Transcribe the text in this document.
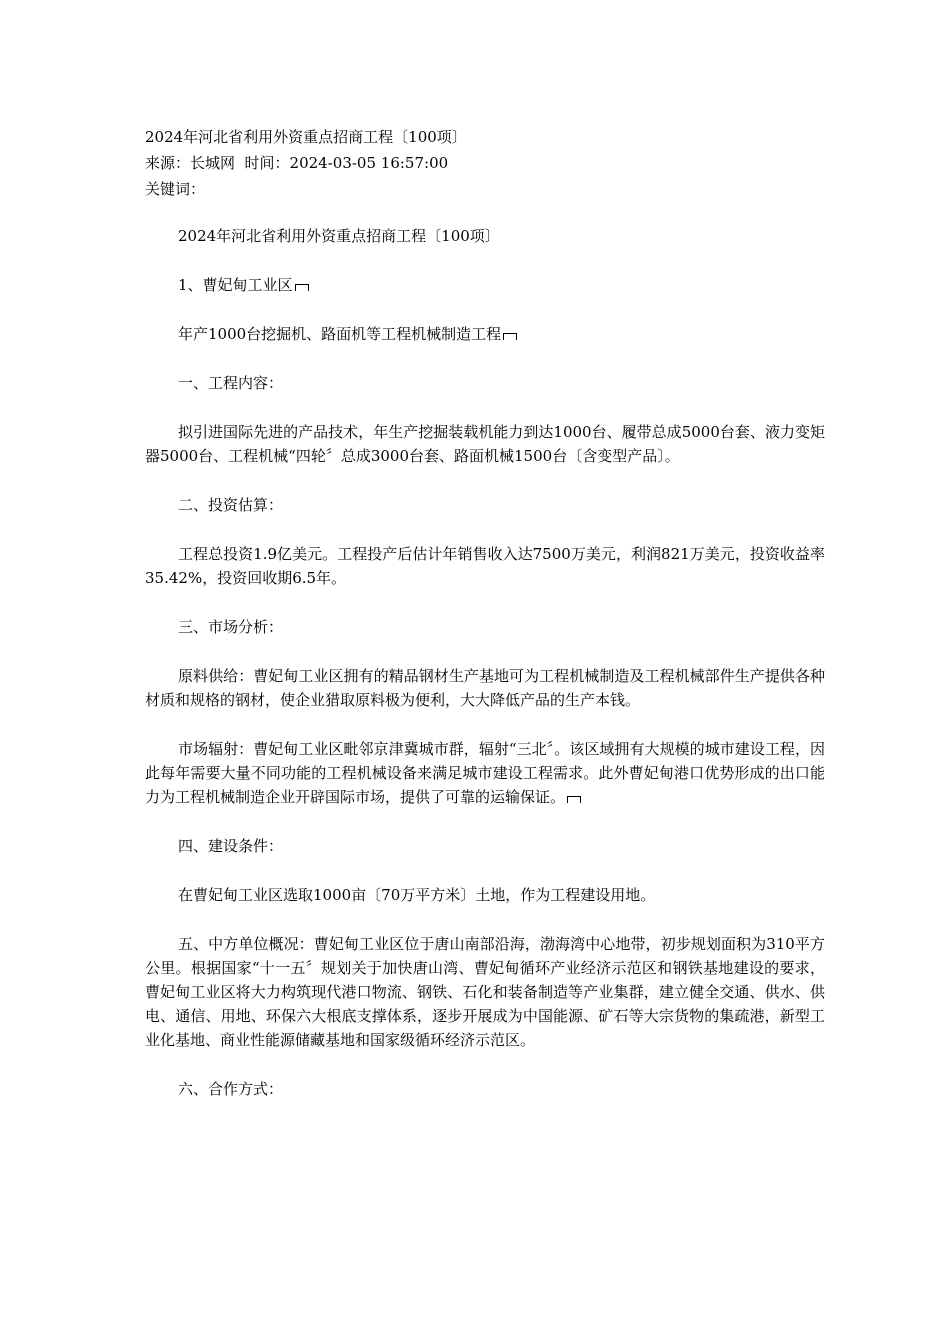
2024年河北省利用外资重点招商工程〔100项〕
来源：长城网  时间：2024-03-05 16:57:00
关键词：

2024年河北省利用外资重点招商工程〔100项〕

1、曹妃甸工业区

年产1000台挖掘机、路面机等工程机械制造工程

一、工程内容：

拟引进国际先进的产品技术，年生产挖掘装载机能力到达1000台、履带总成5000台套、液力变矩器5000台、工程机械“四轮〞总成3000台套、路面机械1500台〔含变型产品〕。

二、投资估算：

工程总投资1.9亿美元。工程投产后估计年销售收入达7500万美元，利润821万美元，投资收益率35.42%，投资回收期6.5年。

三、市场分析：

原料供给：曹妃甸工业区拥有的精品钢材生产基地可为工程机械制造及工程机械部件生产提供各种材质和规格的钢材，使企业猎取原料极为便利，大大降低产品的生产本钱。

市场辐射：曹妃甸工业区毗邻京津冀城市群，辐射“三北〞。该区域拥有大规模的城市建设工程，因此每年需要大量不同功能的工程机械设备来满足城市建设工程需求。此外曹妃甸港口优势形成的出口能力为工程机械制造企业开辟国际市场，提供了可靠的运输保证。

四、建设条件：

在曹妃甸工业区选取1000亩〔70万平方米〕土地，作为工程建设用地。

五、中方单位概况：曹妃甸工业区位于唐山南部沿海，渤海湾中心地带，初步规划面积为310平方公里。根据国家“十一五〞规划关于加快唐山湾、曹妃甸循环产业经济示范区和钢铁基地建设的要求，曹妃甸工业区将大力构筑现代港口物流、钢铁、石化和装备制造等产业集群，建立健全交通、供水、供电、通信、用地、环保六大根底支撑体系，逐步开展成为中国能源、矿石等大宗货物的集疏港，新型工业化基地、商业性能源储藏基地和国家级循环经济示范区。

六、合作方式：
